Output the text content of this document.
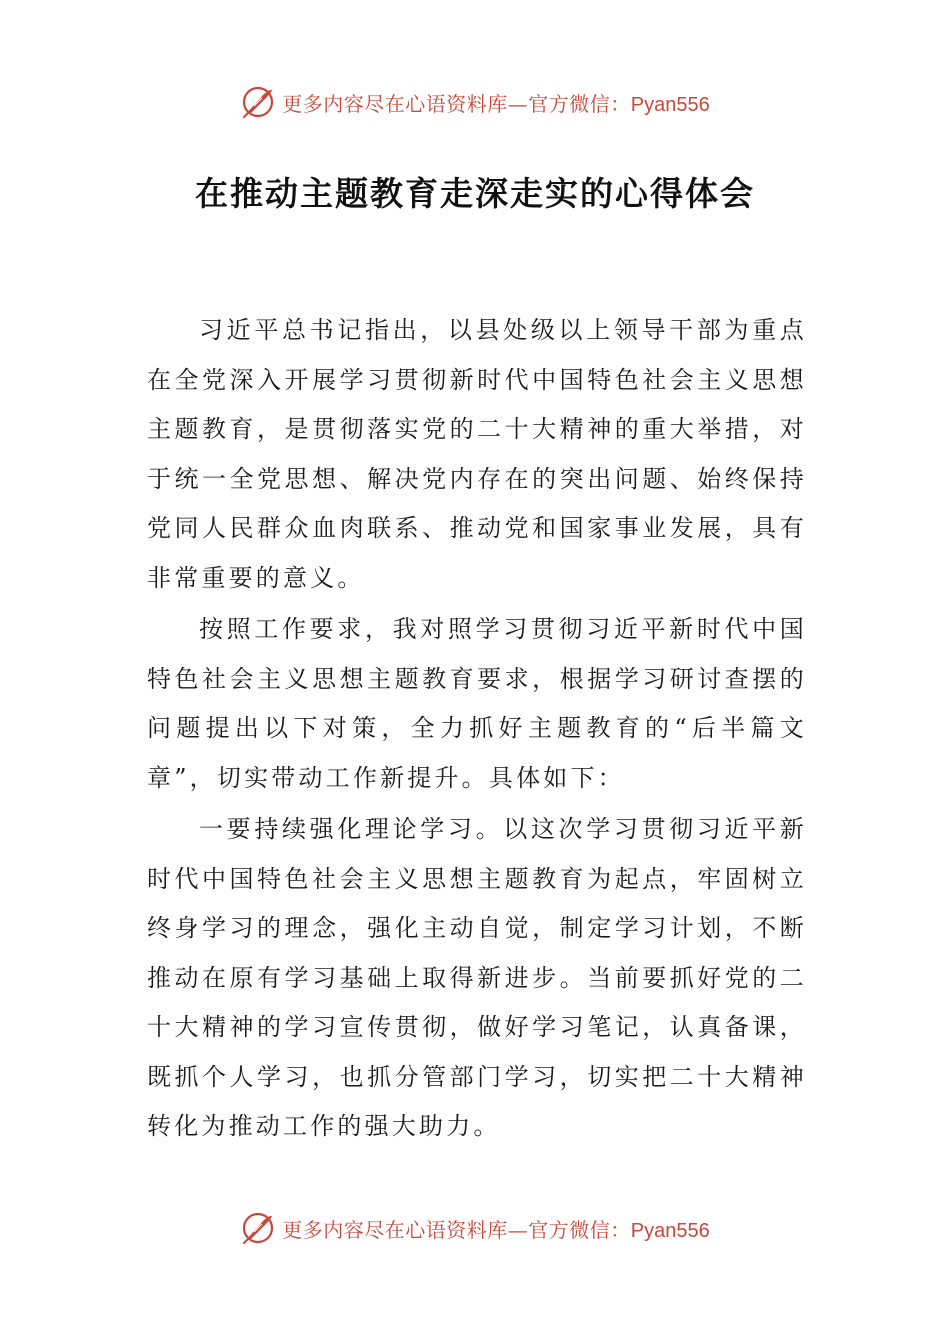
更多内容尽在心语资料库—官方微信：Pyan556
在推动主题教育走深走实的心得体会

习近平总书记指出，以县处级以上领导干部为重点在全党深入开展学习贯彻新时代中国特色社会主义思想主题教育，是贯彻落实党的二十大精神的重大举措，对于统一全党思想、解决党内存在的突出问题、始终保持党同人民群众血肉联系、推动党和国家事业发展，具有非常重要的意义。

按照工作要求，我对照学习贯彻习近平新时代中国特色社会主义思想主题教育要求，根据学习研讨查摆的问题提出以下对策，全力抓好主题教育的“后半篇文章”，切实带动工作新提升。具体如下：

一要持续强化理论学习。以这次学习贯彻习近平新时代中国特色社会主义思想主题教育为起点，牢固树立终身学习的理念，强化主动自觉，制定学习计划，不断推动在原有学习基础上取得新进步。当前要抓好党的二十大精神的学习宣传贯彻，做好学习笔记，认真备课，既抓个人学习，也抓分管部门学习，切实把二十大精神转化为推动工作的强大助力。

更多内容尽在心语资料库—官方微信：Pyan556
